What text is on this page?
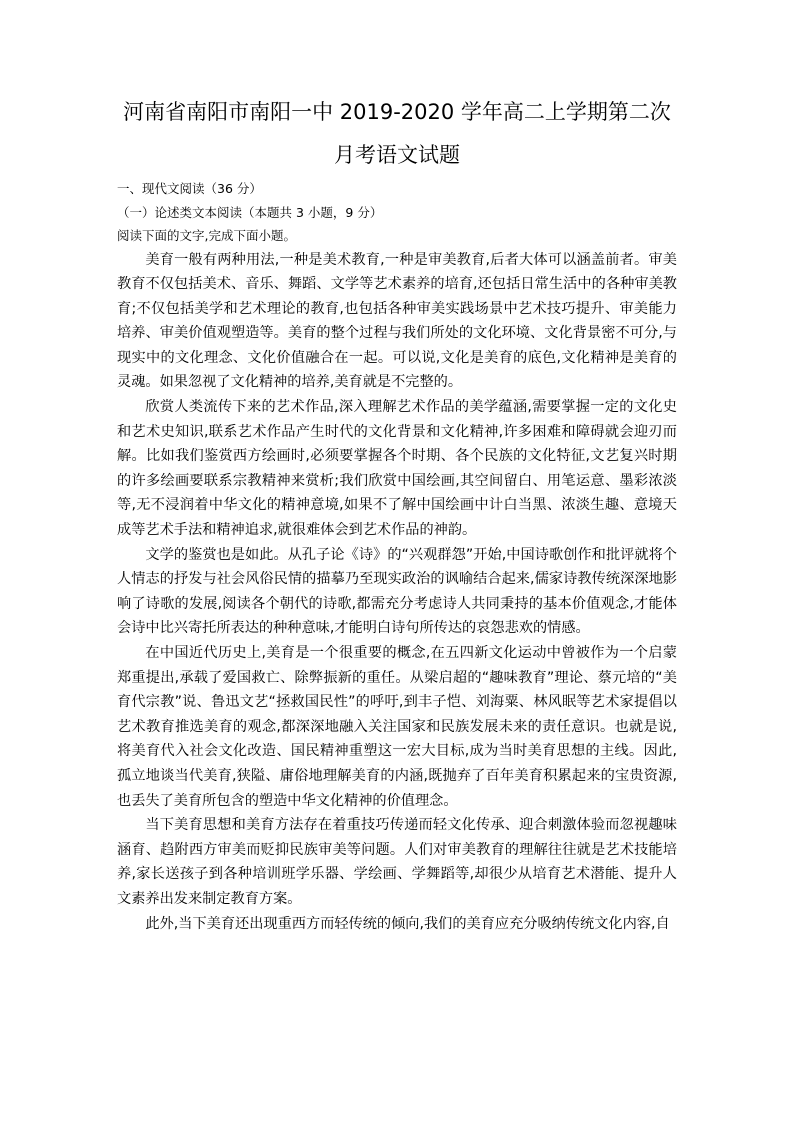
河南省南阳市南阳一中 2019-2020 学年高二上学期第二次
月考语文试题
一、现代文阅读（36 分）
（一）论述类文本阅读（本题共 3 小题，9 分）
阅读下面的文字,完成下面小题。

美育一般有两种用法,一种是美术教育,一种是审美教育,后者大体可以涵盖前者。审美教育不仅包括美术、音乐、舞蹈、文学等艺术素养的培育,还包括日常生活中的各种审美教育;不仅包括美学和艺术理论的教育,也包括各种审美实践场景中艺术技巧提升、审美能力培养、审美价值观塑造等。美育的整个过程与我们所处的文化环境、文化背景密不可分,与现实中的文化理念、文化价值融合在一起。可以说,文化是美育的底色,文化精神是美育的灵魂。如果忽视了文化精神的培养,美育就是不完整的。

欣赏人类流传下来的艺术作品,深入理解艺术作品的美学蕴涵,需要掌握一定的文化史和艺术史知识,联系艺术作品产生时代的文化背景和文化精神,许多困难和障碍就会迎刃而解。比如我们鉴赏西方绘画时,必须要掌握各个时期、各个民族的文化特征,文艺复兴时期的许多绘画要联系宗教精神来赏析;我们欣赏中国绘画,其空间留白、用笔运意、墨彩浓淡等,无不浸润着中华文化的精神意境,如果不了解中国绘画中计白当黑、浓淡生趣、意境天成等艺术手法和精神追求,就很难体会到艺术作品的神韵。

文学的鉴赏也是如此。从孔子论《诗》的“兴观群怨”开始,中国诗歌创作和批评就将个人情志的抒发与社会风俗民情的描摹乃至现实政治的讽喻结合起来,儒家诗教传统深深地影响了诗歌的发展,阅读各个朝代的诗歌,都需充分考虑诗人共同秉持的基本价值观念,才能体会诗中比兴寄托所表达的种种意味,才能明白诗句所传达的哀怨悲欢的情感。

在中国近代历史上,美育是一个很重要的概念,在五四新文化运动中曾被作为一个启蒙郑重提出,承载了爱国救亡、除弊振新的重任。从梁启超的“趣味教育”理论、蔡元培的“美育代宗教”说、鲁迅文艺“拯救国民性”的呼吁,到丰子恺、刘海粟、林风眠等艺术家提倡以艺术教育推选美育的观念,都深深地融入关注国家和民族发展未来的责任意识。也就是说,将美育代入社会文化改造、国民精神重塑这一宏大目标,成为当时美育思想的主线。因此,孤立地谈当代美育,狭隘、庸俗地理解美育的内涵,既抛弃了百年美育积累起来的宝贵资源,也丢失了美育所包含的塑造中华文化精神的价值理念。

当下美育思想和美育方法存在着重技巧传递而轻文化传承、迎合刺激体验而忽视趣味涵育、趋附西方审美而贬抑民族审美等问题。人们对审美教育的理解往往就是艺术技能培养,家长送孩子到各种培训班学乐器、学绘画、学舞蹈等,却很少从培育艺术潜能、提升人文素养出发来制定教育方案。

此外,当下美育还出现重西方而轻传统的倾向,我们的美育应充分吸纳传统文化内容,自
